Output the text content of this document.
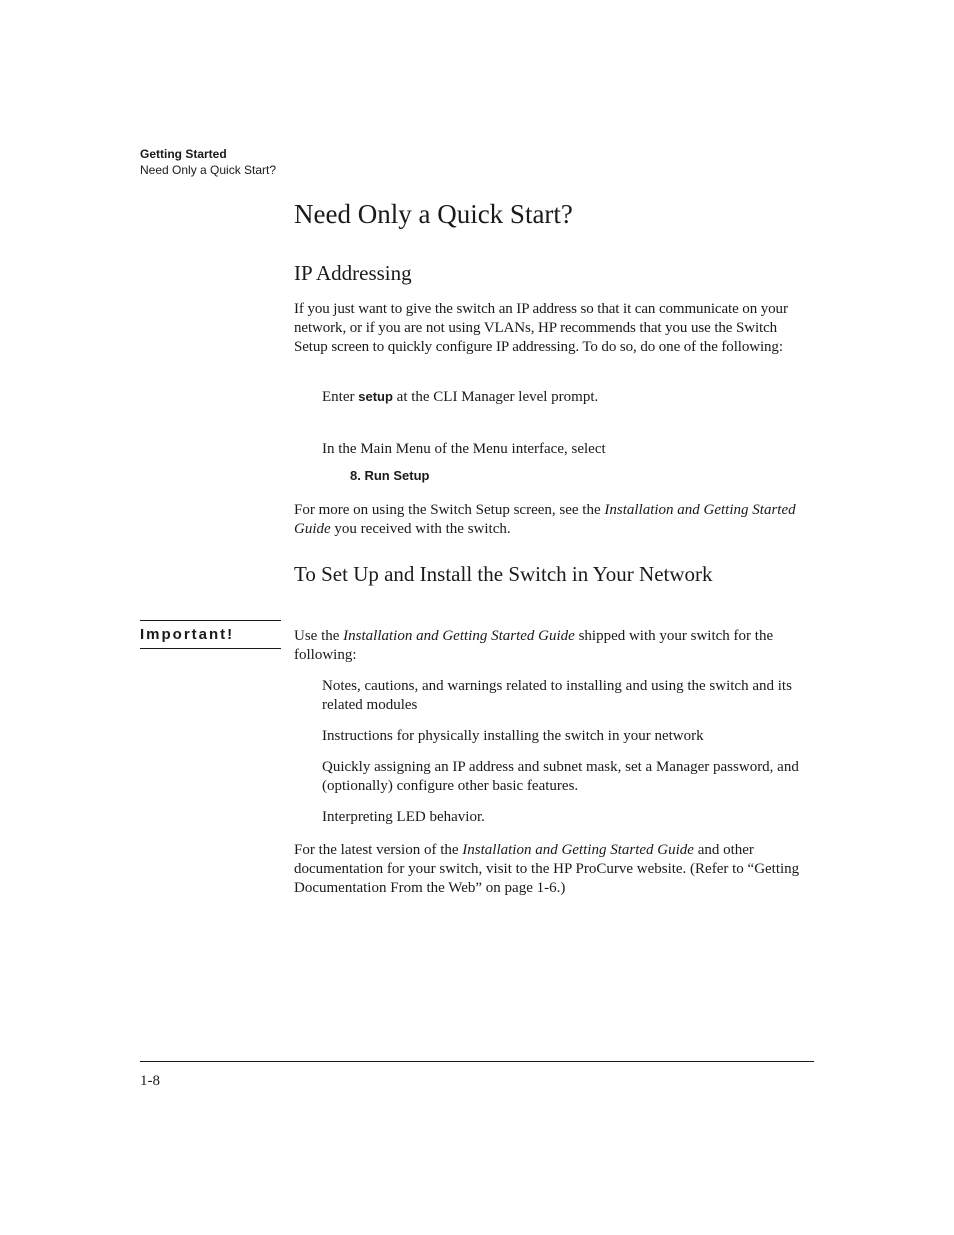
Getting Started
Need Only a Quick Start?
Need Only a Quick Start?
IP Addressing
If you just want to give the switch an IP address so that it can communicate on your network, or if you are not using VLANs, HP recommends that you use the Switch Setup screen to quickly configure IP addressing. To do so, do one of the following:
Enter setup at the CLI Manager level prompt.
In the Main Menu of the Menu interface, select
8. Run Setup
For more on using the Switch Setup screen, see the Installation and Getting Started Guide you received with the switch.
To Set Up and Install the Switch in Your Network
Important!	Use the Installation and Getting Started Guide shipped with your switch for the following:
Notes, cautions, and warnings related to installing and using the switch and its related modules
Instructions for physically installing the switch in your network
Quickly assigning an IP address and subnet mask, set a Manager password, and (optionally) configure other basic features.
Interpreting LED behavior.
For the latest version of the Installation and Getting Started Guide and other documentation for your switch, visit to the HP ProCurve website. (Refer to “Getting Documentation From the Web” on page 1-6.)
1-8
